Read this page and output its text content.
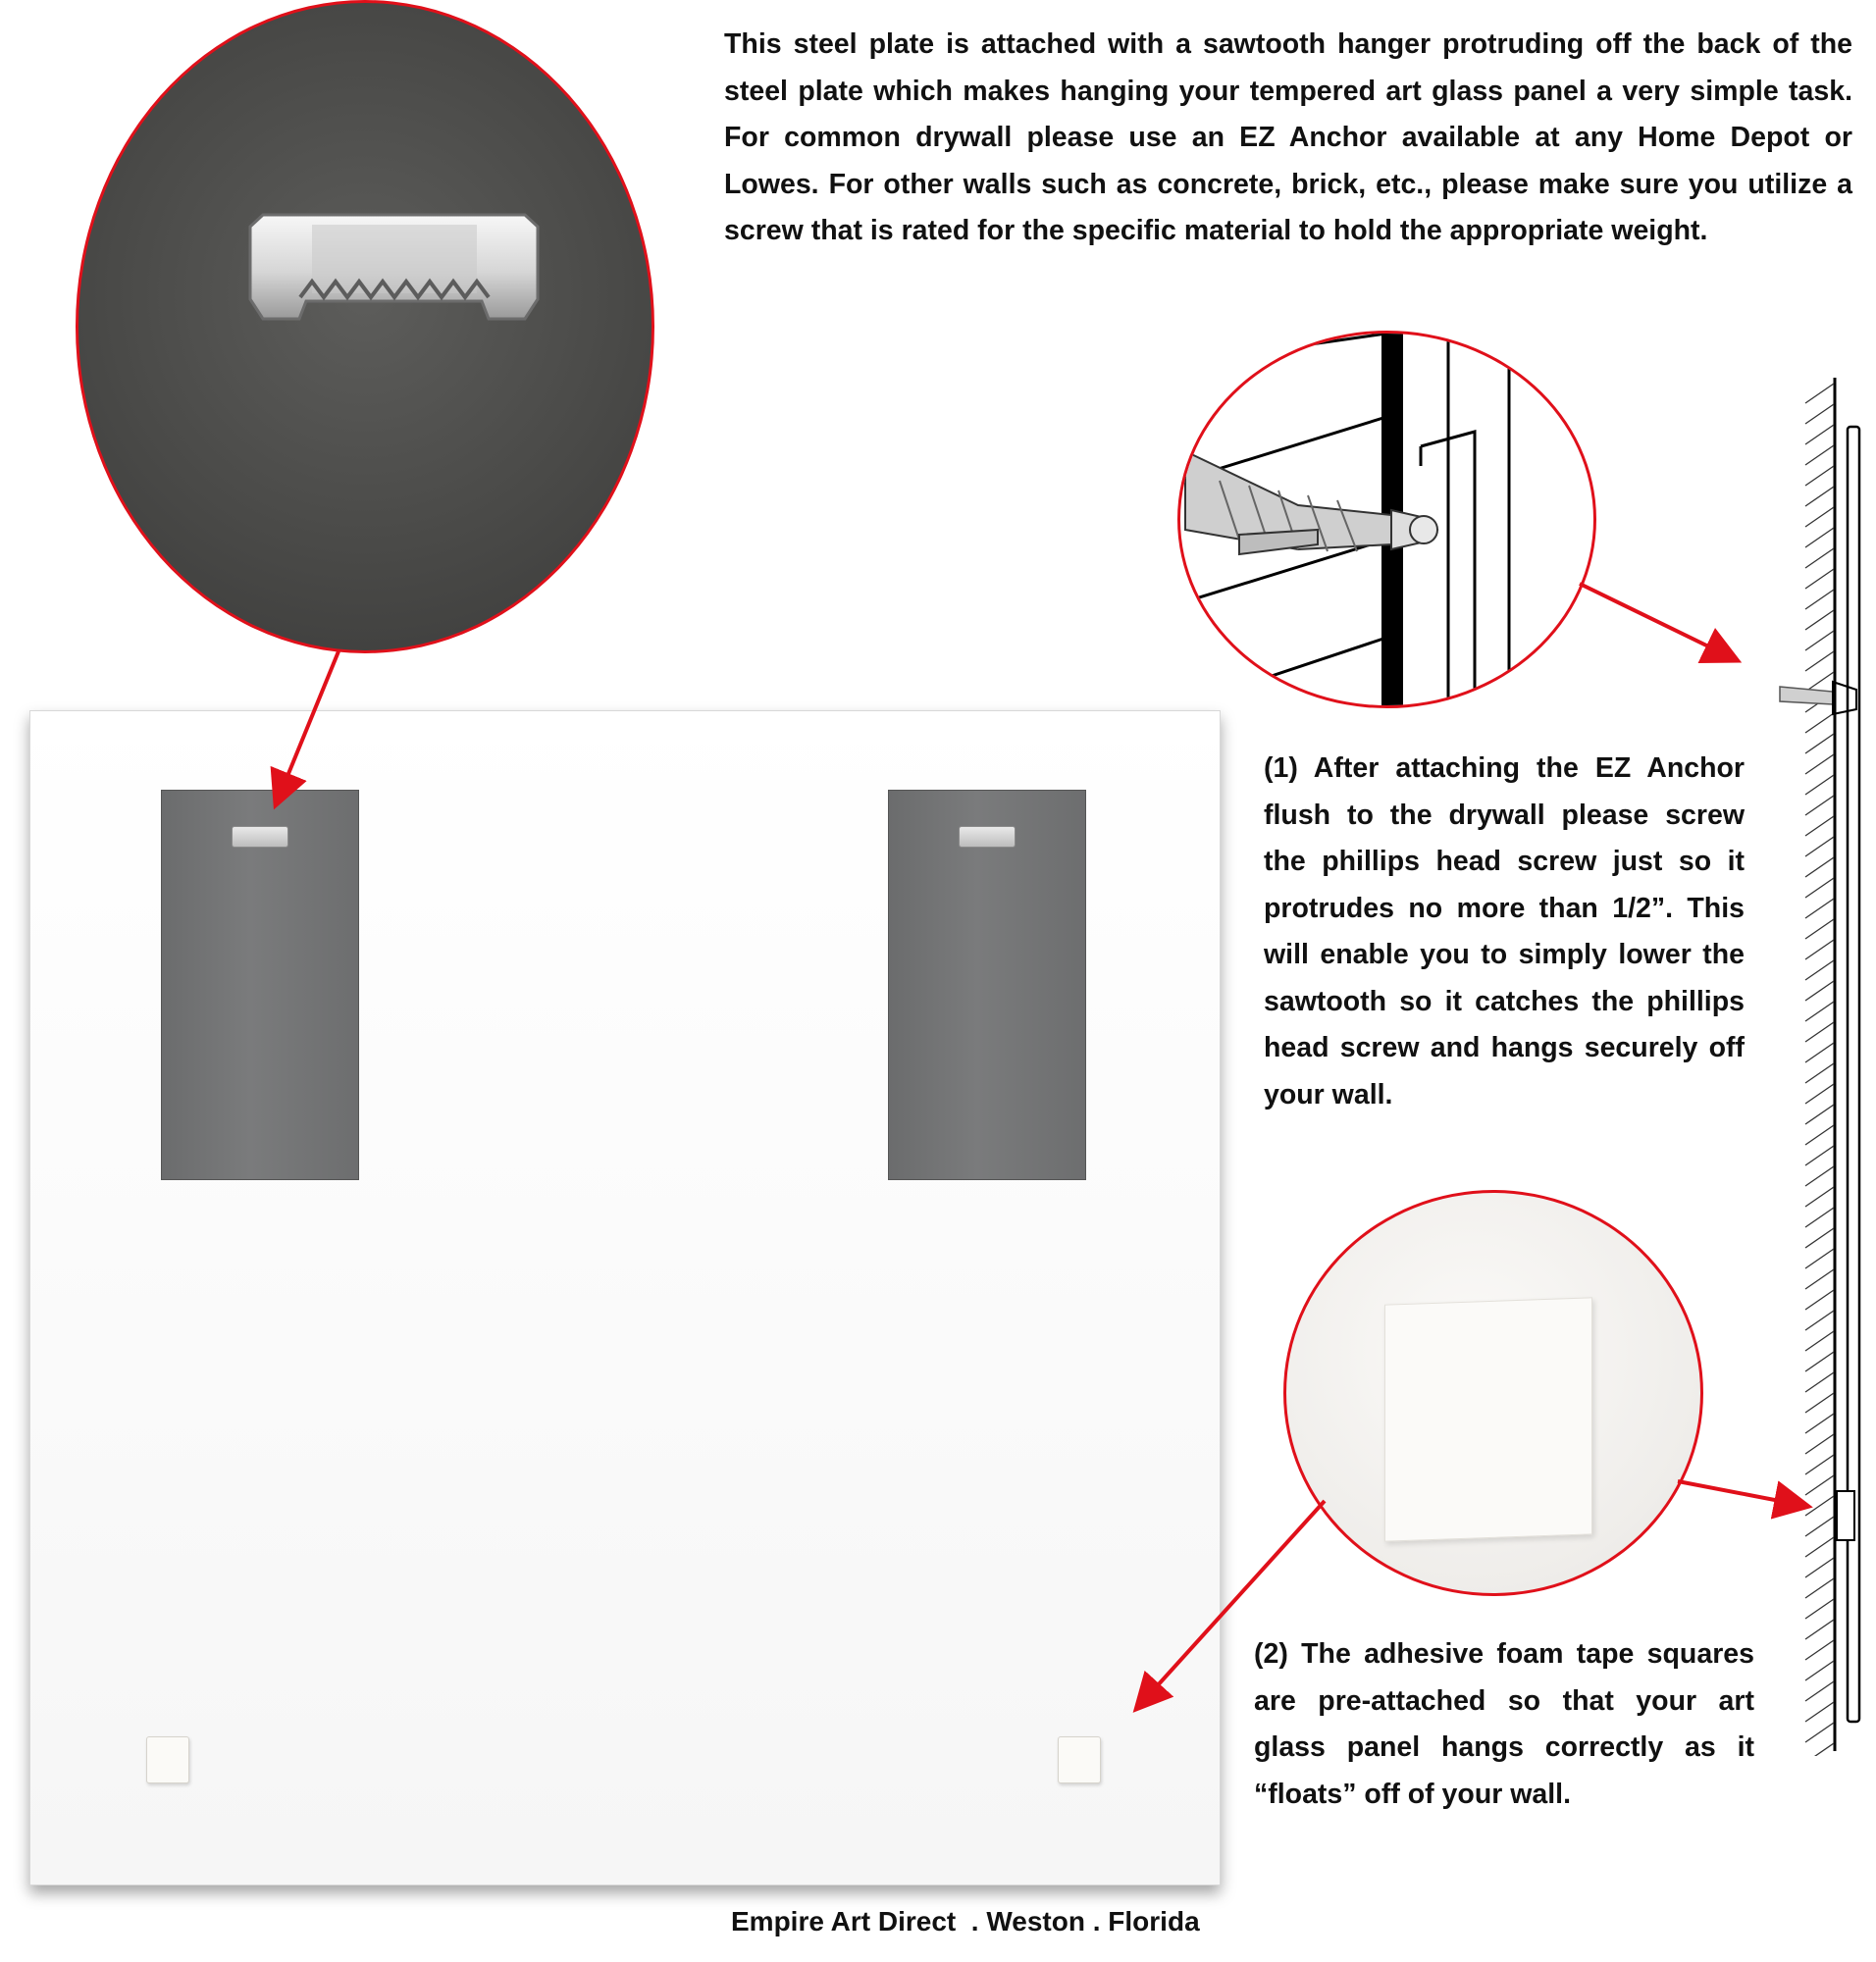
This steel plate is attached with a sawtooth hanger protruding off the back of the steel plate which makes hanging your tempered art glass panel a very simple task. For common drywall please use an EZ Anchor available at any Home Depot or Lowes. For other walls such as concrete, brick, etc., please make sure you utilize a screw that is rated for the specific material to hold the appropriate weight.
(1) After attaching the EZ Anchor flush to the drywall please screw the phillips head screw just so it protrudes no more than 1/2”. This will enable you to simply lower the sawtooth so it catches the phillips head screw and hangs securely off your wall.
(2) The adhesive foam tape squares are pre-attached so that your art glass panel hangs correctly as it “floats” off of your wall.
Empire Art Direct  . Weston . Florida
